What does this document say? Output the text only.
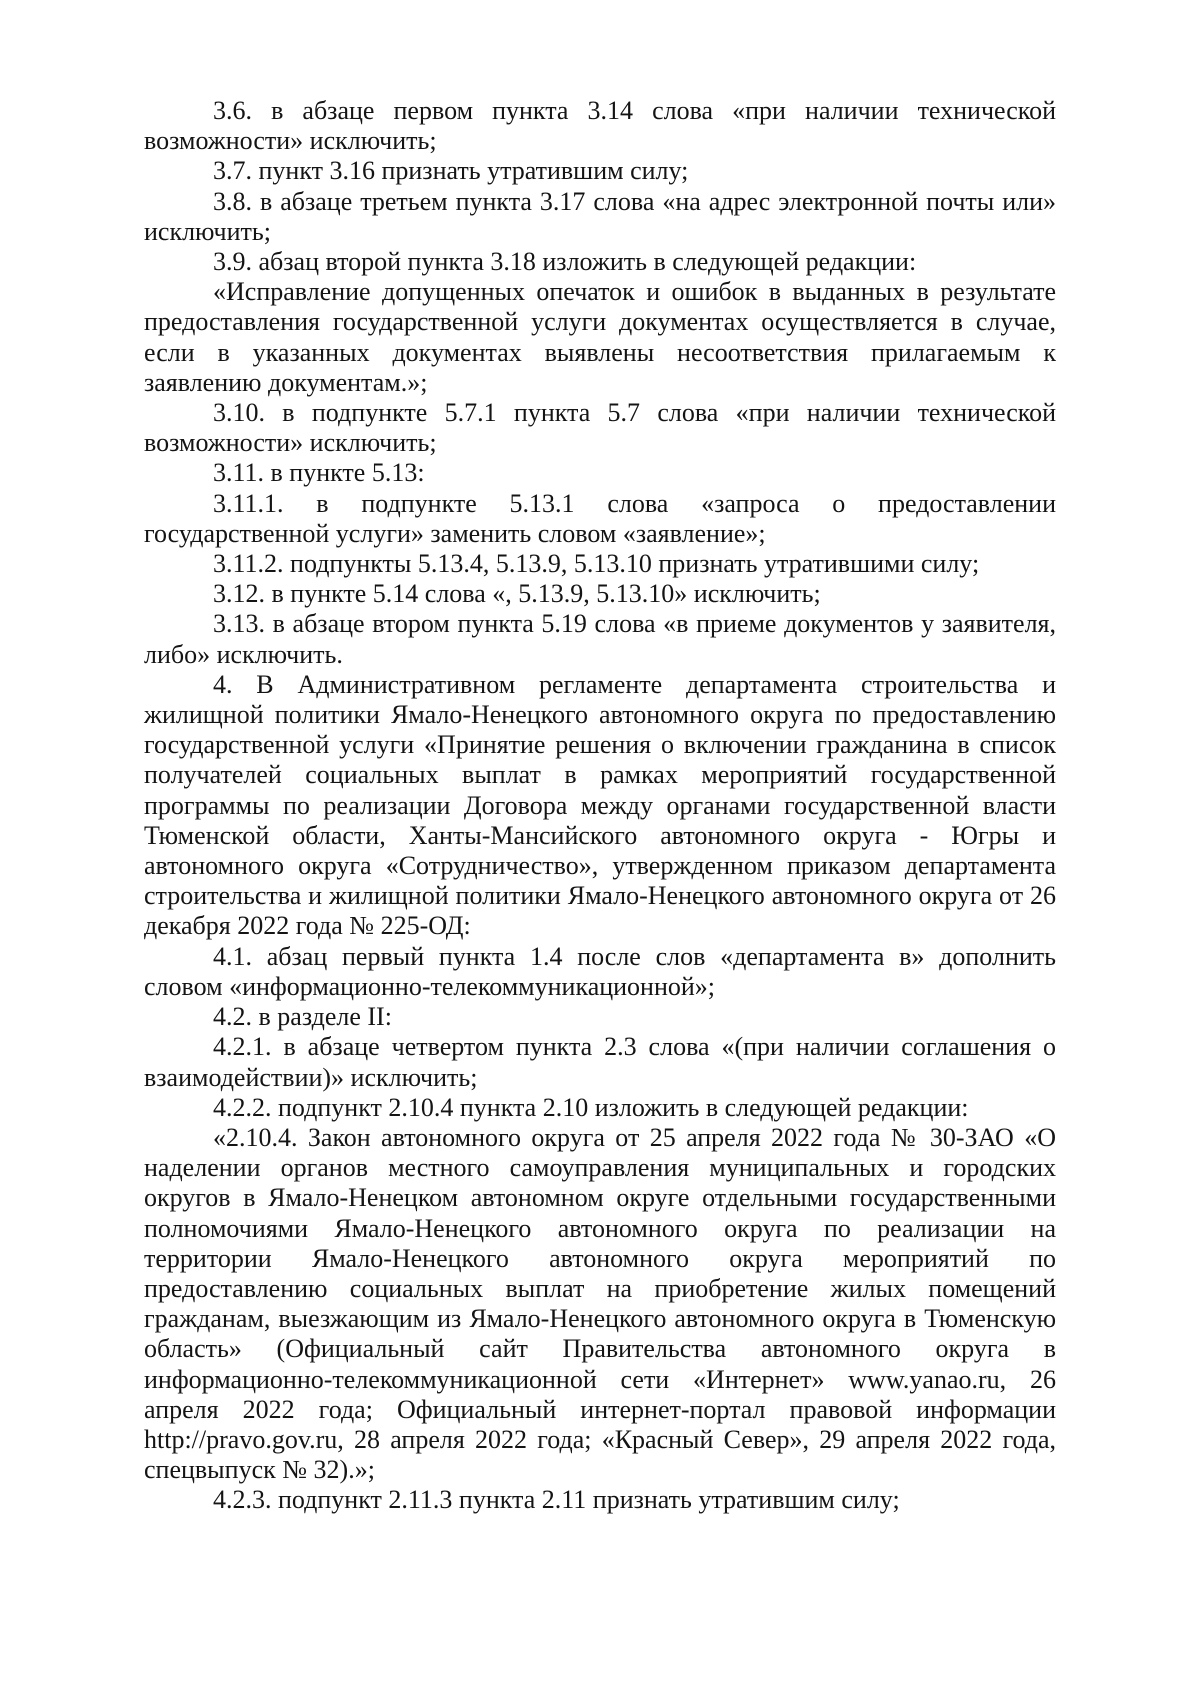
3.6. в абзаце первом пункта 3.14 слова «при наличии технической возможности» исключить;

3.7. пункт 3.16 признать утратившим силу;

3.8. в абзаце третьем пункта 3.17 слова «на адрес электронной почты или» исключить;

3.9. абзац второй пункта 3.18 изложить в следующей редакции:

«Исправление допущенных опечаток и ошибок в выданных в результате предоставления государственной услуги документах осуществляется в случае, если в указанных документах выявлены несоответствия прилагаемым к заявлению документам.»;

3.10. в подпункте 5.7.1 пункта 5.7 слова «при наличии технической возможности» исключить;

3.11. в пункте 5.13:

3.11.1. в подпункте 5.13.1 слова «запроса о предоставлении государственной услуги» заменить словом «заявление»;

3.11.2. подпункты 5.13.4, 5.13.9, 5.13.10 признать утратившими силу;

3.12. в пункте 5.14 слова «, 5.13.9, 5.13.10» исключить;

3.13. в абзаце втором пункта 5.19 слова «в приеме документов у заявителя, либо» исключить.

4. В Административном регламенте департамента строительства и жилищной политики Ямало-Ненецкого автономного округа по предоставлению государственной услуги «Принятие решения о включении гражданина в список получателей социальных выплат в рамках мероприятий государственной программы по реализации Договора между органами государственной власти Тюменской области, Ханты-Мансийского автономного округа - Югры и автономного округа «Сотрудничество», утвержденном приказом департамента строительства и жилищной политики Ямало-Ненецкого автономного округа от 26 декабря 2022 года № 225-ОД:

4.1. абзац первый пункта 1.4 после слов «департамента в» дополнить словом «информационно-телекоммуникационной»;

4.2. в разделе II:

4.2.1. в абзаце четвертом пункта 2.3 слова «(при наличии соглашения о взаимодействии)» исключить;

4.2.2. подпункт 2.10.4 пункта 2.10 изложить в следующей редакции:

«2.10.4. Закон автономного округа от 25 апреля 2022 года № 30-ЗАО «О наделении органов местного самоуправления муниципальных и городских округов в Ямало-Ненецком автономном округе отдельными государственными полномочиями Ямало-Ненецкого автономного округа по реализации на территории Ямало-Ненецкого автономного округа мероприятий по предоставлению социальных выплат на приобретение жилых помещений гражданам, выезжающим из Ямало-Ненецкого автономного округа в Тюменскую область» (Официальный сайт Правительства автономного округа в информационно-телекоммуникационной сети «Интернет» www.yanao.ru, 26 апреля 2022 года; Официальный интернет-портал правовой информации http://pravo.gov.ru, 28 апреля 2022 года; «Красный Север», 29 апреля 2022 года, спецвыпуск № 32).»;

4.2.3. подпункт 2.11.3 пункта 2.11 признать утратившим силу;
